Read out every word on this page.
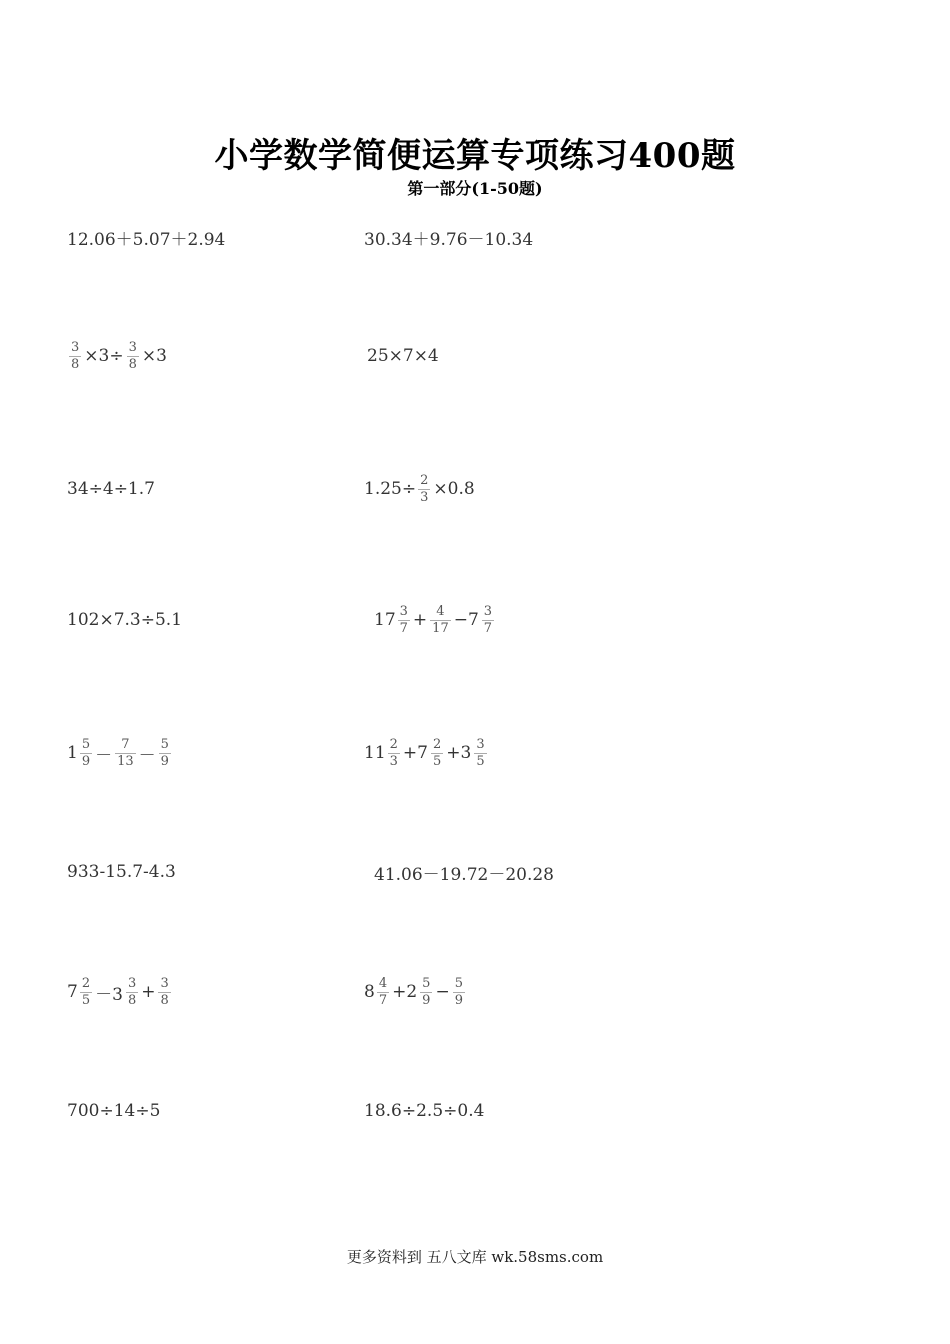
小学数学简便运算专项练习400题
第一部分(1-50题)
12.06＋5.07＋2.94	30.34＋9.76－10.34
$\frac{3}{8} \times 3\div \frac{3}{8} \times 3$	25×7×4
34÷4÷1.7	$1.25\div \frac{2}{3} \times 0.8$
102×7.3÷5.1	$17 \frac{3}{7} + \frac{4}{17} -7 \frac{3}{7}$
$1 \frac{5}{9} - \frac{7}{13} - \frac{5}{9}$	$11 \frac{2}{3} +7 \frac{2}{5} +3 \frac{3}{5}$
933-15.7-4.3	41.06－19.72－20.28
$7 \frac{2}{5} -3 \frac{3}{8} + \frac{3}{8}$	$8 \frac{4}{7} +2 \frac{5}{9} - \frac{5}{9}$
700÷14÷5	18.6÷2.5÷0.4
更多资料到 五八文库 wk.58sms.com
